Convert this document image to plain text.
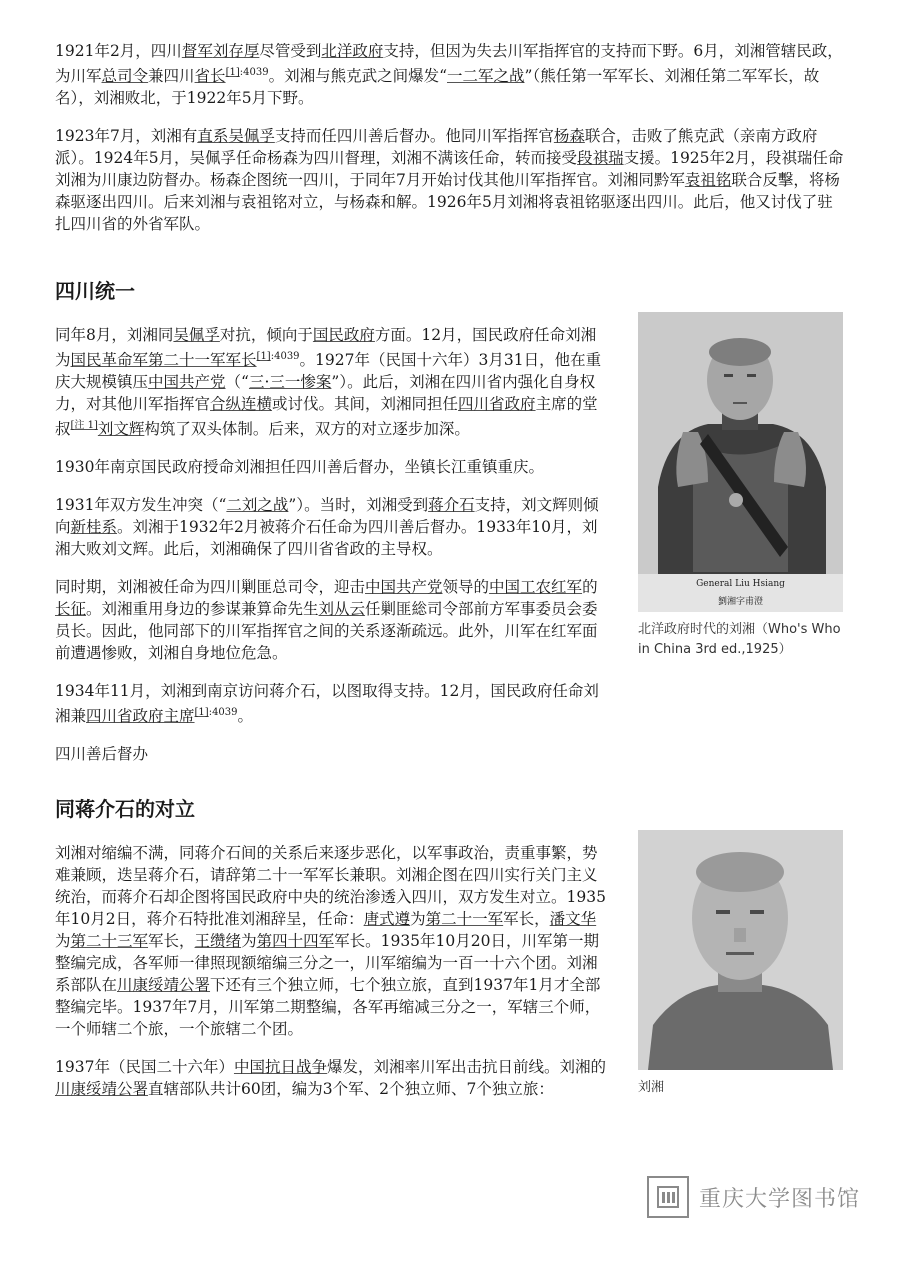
1921年2月，四川督军刘存厚尽管受到北洋政府支持，但因为失去川军指挥官的支持而下野。6月，刘湘管辖民政，为川军总司令兼四川省长$^{[1]:4039}$。刘湘与熊克武之间爆发“一二军之战”（熊任第一军军长、刘湘任第二军军长，故名），刘湘败北，于1922年5月下野。

1923年7月，刘湘有直系吴佩孚支持而任四川善后督办。他同川军指挥官杨森联合，击败了熊克武（亲南方政府派）。1924年5月，吴佩孚任命杨森为四川督理，刘湘不满该任命，转而接受段祺瑞支援。1925年2月，段祺瑞任命刘湘为川康边防督办。杨森企图统一四川，于同年7月开始讨伐其他川军指挥官。刘湘同黔军袁祖铭联合反擊，将杨森驱逐出四川。后来刘湘与袁祖铭对立，与杨森和解。1926年5月刘湘将袁祖铭驱逐出四川。此后，他又讨伐了驻扎四川省的外省军队。

四川统一

同年8月，刘湘同吴佩孚对抗，倾向于国民政府方面。12月，国民政府任命刘湘为国民革命军第二十一军军长$^{[1]:4039}$。1927年（民国十六年）3月31日，他在重庆大规模镇压中国共产党（“三·三一惨案”）。此后，刘湘在四川省内强化自身权力，对其他川军指挥官合纵连横或讨伐。其间，刘湘同担任四川省政府主席的堂叔[注 1]刘文辉构筑了双头体制。后来，双方的对立逐步加深。

1930年南京国民政府授命刘湘担任四川善后督办，坐镇长江重镇重庆。

1931年双方发生冲突（“二刘之战”）。当时，刘湘受到蒋介石支持，刘文辉则倾向新桂系。刘湘于1932年2月被蒋介石任命为四川善后督办。1933年10月，刘湘大败刘文辉。此后，刘湘确保了四川省省政的主导权。

同时期，刘湘被任命为四川剿匪总司令，迎击中国共产党领导的中国工农红军的长征。刘湘重用身边的参谋兼算命先生刘从云任剿匪総司令部前方军事委员会委员长。因此，他同部下的川军指挥官之间的关系逐渐疏远。此外，川军在红军面前遭遇惨败，刘湘自身地位危急。

1934年11月，刘湘到南京访问蒋介石，以图取得支持。12月，国民政府任命刘湘兼四川省政府主席$^{[1]:4039}$。

四川善后督办

General Liu Hsiang
劉湘字甫澄
北洋政府时代的刘湘（Who's Who in China 3rd ed.,1925）
同蒋介石的对立

刘湘对缩编不满，同蒋介石间的关系后来逐步恶化，以军事政治，责重事繁，势难兼顾，迭呈蒋介石，请辞第二十一军军长兼职。刘湘企图在四川实行关门主义统治，而蒋介石却企图将国民政府中央的统治渗透入四川，双方发生对立。1935年10月2日，蒋介石特批准刘湘辞呈，任命：唐式遵为第二十一军军长，潘文华为第二十三军军长，王缵绪为第四十四军军长。1935年10月20日，川军第一期整编完成，各军师一律照现额缩编三分之一，川军缩编为一百一十六个团。刘湘系部队在川康绥靖公署下还有三个独立师，七个独立旅，直到1937年1月才全部整编完毕。1937年7月，川军第二期整编，各军再缩减三分之一，军辖三个师，一个师辖二个旅，一个旅辖二个团。

1937年（民国二十六年）中国抗日战争爆发，刘湘率川军出击抗日前线。刘湘的川康绥靖公署直辖部队共计60团，编为3个军、2个独立师、7个独立旅：	刘湘
重庆大学图书馆
